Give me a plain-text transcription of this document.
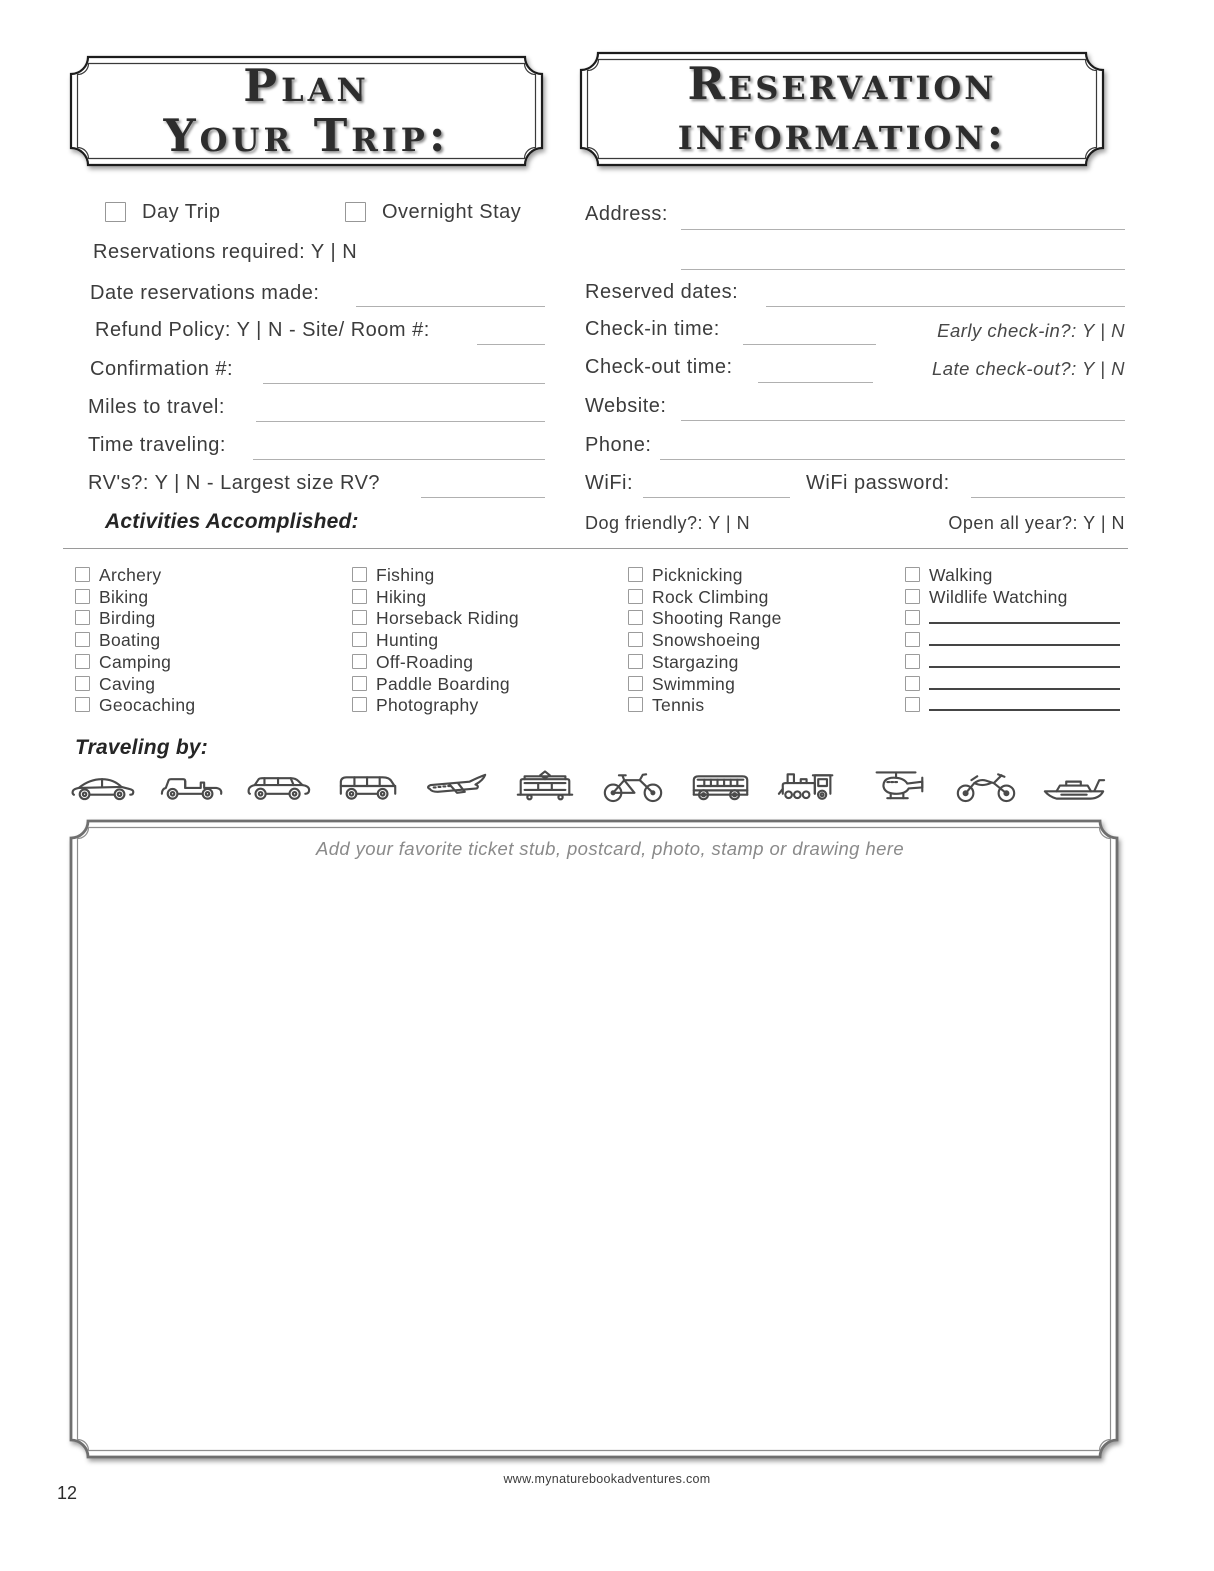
Plan
Your Trip:
Reservation
information:
Day Trip	Overnight Stay
Reservations required: Y | N
Date reservations made:
Refund Policy: Y | N - Site/ Room #:
Confirmation #:
Miles to travel:
Time traveling:
RV's?: Y | N - Largest size RV?
Activities Accomplished:
Address:
Reserved dates:
Check-in time:	Early check-in?: Y | N
Check-out time:	Late check-out?: Y | N
Website:
Phone:
WiFi:	WiFi password:
Dog friendly?: Y | N	Open all year?: Y | N
Archery
Biking
Birding
Boating
Camping
Caving
Geocaching
Fishing
Hiking
Horseback Riding
Hunting
Off-Roading
Paddle Boarding
Photography
Picknicking
Rock Climbing
Shooting Range
Snowshoeing
Stargazing
Swimming
Tennis
Walking
Wildlife Watching
Traveling by:
Add your favorite ticket stub, postcard, photo, stamp or drawing here
www.mynaturebookadventures.com
12
